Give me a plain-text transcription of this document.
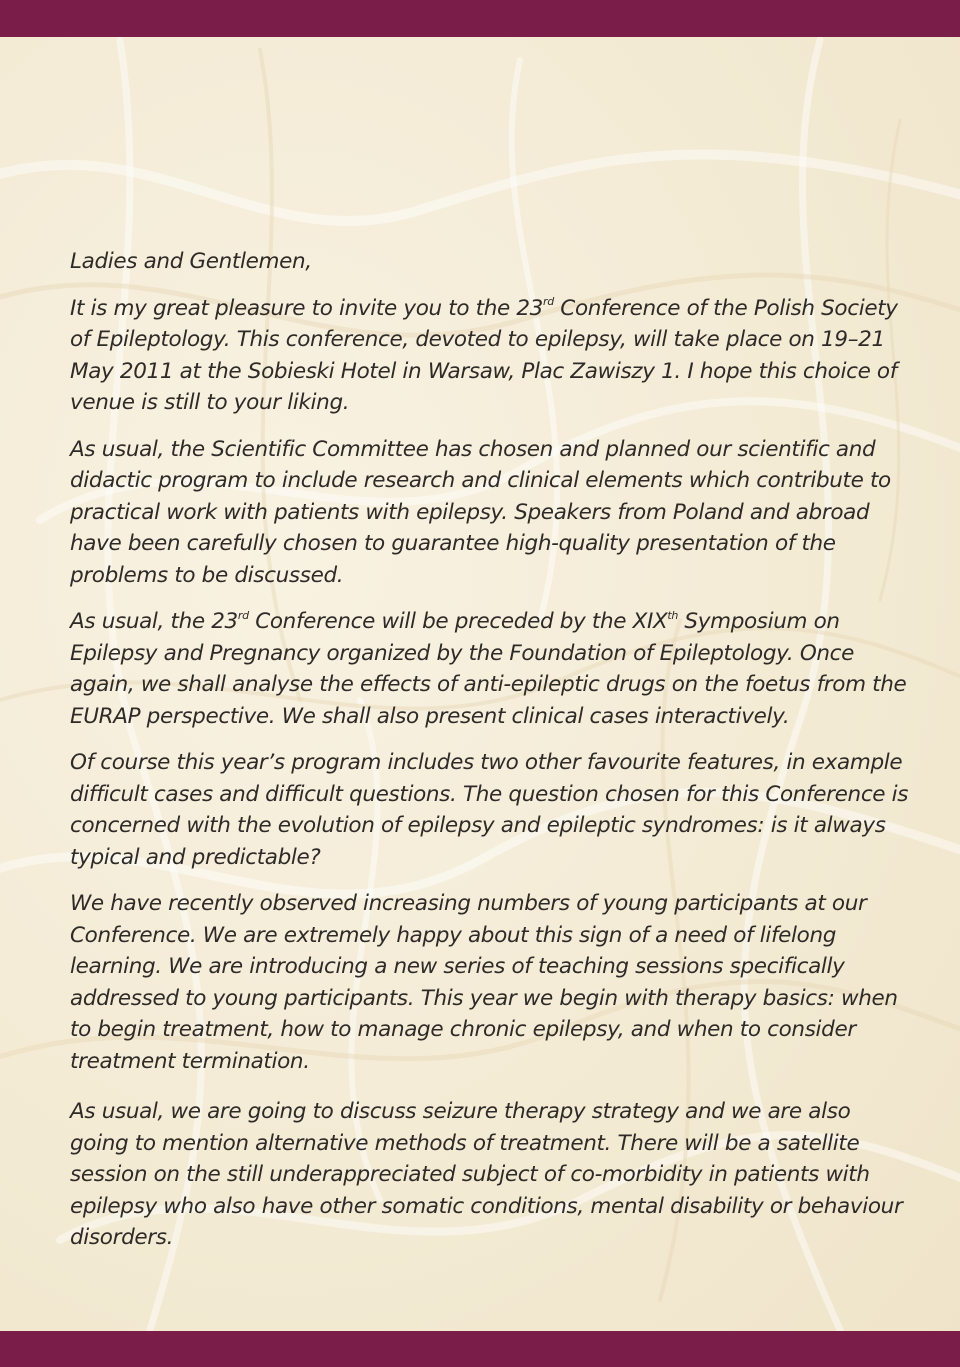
Ladies and Gentlemen,

It is my great pleasure to invite you to the 23rd Conference of the Polish Society of Epileptology. This conference, devoted to epilepsy, will take place on 19–21 May 2011 at the Sobieski Hotel in Warsaw, Plac Zawiszy 1. I hope this choice of venue is still to your liking.

As usual, the Scientific Committee has chosen and planned our scientific and didactic program to include research and clinical elements which contribute to practical work with patients with epilepsy. Speakers from Poland and abroad have been carefully chosen to guarantee high-quality presentation of the problems to be discussed.

As usual, the 23rd Conference will be preceded by the XIXth Symposium on Epilepsy and Pregnancy organized by the Foundation of Epileptology. Once again, we shall analyse the effects of anti-epileptic drugs on the foetus from the EURAP perspective. We shall also present clinical cases interactively.

Of course this year’s program includes two other favourite features, in example difficult cases and difficult questions. The question chosen for this Conference is concerned with the evolution of epilepsy and epileptic syndromes: is it always typical and predictable?

We have recently observed increasing numbers of young participants at our Conference. We are extremely happy about this sign of a need of lifelong learning. We are introducing a new series of teaching sessions specifically addressed to young participants. This year we begin with therapy basics: when to begin treatment, how to manage chronic epilepsy, and when to consider treatment termination.

As usual, we are going to discuss seizure therapy strategy and we are also going to mention alternative methods of treatment. There will be a satellite session on the still underappreciated subject of co-morbidity in patients with epilepsy who also have other somatic conditions, mental disability or behaviour disorders.
